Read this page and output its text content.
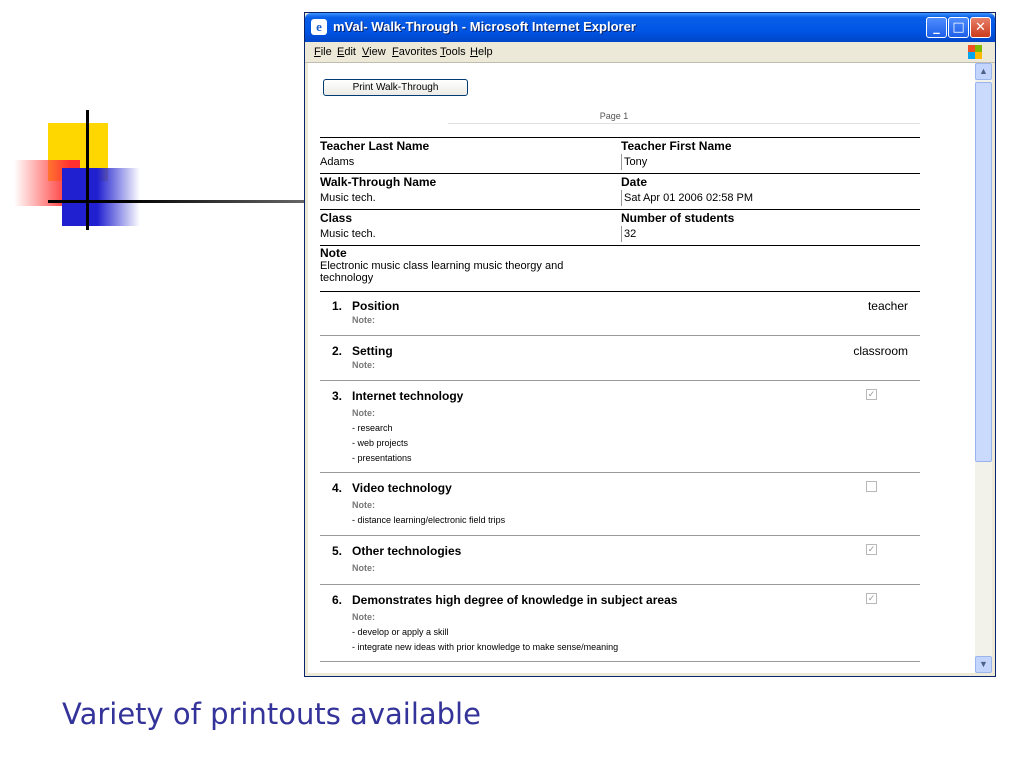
e mVal- Walk-Through - Microsoft Internet Explorer	_ □ ✕
File Edit View Favorites Tools Help
Print Walk-Through
Page 1
Teacher Last Name
Adams
Teacher First Name
Tony
Walk-Through Name
Music tech.
Date
Sat Apr 01 2006 02:58 PM
Class
Music tech.
Number of students
32
Note
Electronic music class learning music theorgy and technology
1. Position
Note:
teacher
2. Setting
Note:
classroom
3. Internet technology
Note:
- research
- web projects
- presentations
✓
4. Video technology
Note:
- distance learning/electronic field trips
5. Other technologies
Note:
✓
6. Demonstrates high degree of knowledge in subject areas
Note:
- develop or apply a skill
- integrate new ideas with prior knowledge to make sense/meaning
✓
▲
▼
Variety of printouts available
